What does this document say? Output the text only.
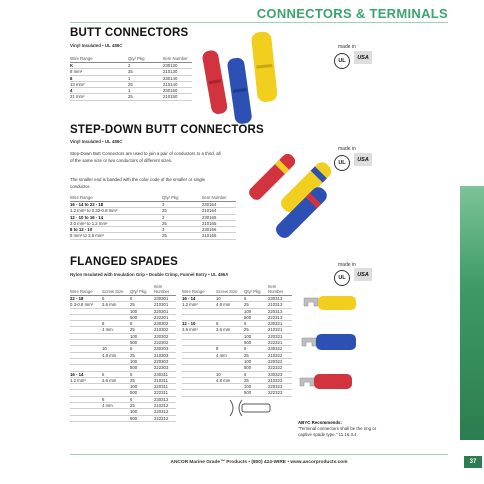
CONNECTORS & TERMINALS
BUTT CONNECTORS
Vinyl Insulated • UL 486C
Wire Range	Qty/ Pkg	Item Number
K	2	230130
8 mm²	25	210130
6	1	230140
13 mm²	25	210140
4	1	230150
21 mm²	25	210150
made in
UL
USA
STEP-DOWN BUTT CONNECTORS
Vinyl Insulated • UL 486C
Step-Down Butt Connectors are used to join a pair of conductors to a third, all of the same size or two conductors of different sizes.
The smaller end is banded with the color code of the smaller or single conductor.
Wire Range	Qty/ Pkg	Item Number
16 - 14 to 22 - 18	3	230164
1.2 mm² to 0.32-0.8 mm²	25	210164
12 - 10 to 16 - 14	3	230165
3.0 mm² to 1.2 mm²	25	210165
8 to 12 - 10	3	230166
8 mm² to 3.5 mm²	25	210166
made in
UL
USA
FLANGED SPADES
Nylon Insulated with Insulation Grip • Double Crimp, Funnel Entry • UL 486A
made in
UL
USA
Wire Range	Screw Size	Qty/ Pkg	Item Number
22 - 18	6	6	230301
0.3-0.8 mm²	3.6 mm	25	210301
		100	220301
		500	222301
	8	6	230302
	4 mm	25	210302
		100	220302
		500	222302
	10	6	230303
	4.8 mm	25	210303
		100	220303
		500	222303
16 - 14	6	6	230311
1.2 mm²	3.6 mm	25	210311
		100	220311
		500	222311
	8	6	230312
	4 mm	25	210312
		100	220312
		500	222312
Wire Range	Screw Size	Qty/ Pkg	Item Number
16 - 14	10	6	230313
1.2 mm²	4.8 mm	25	210313
		100	220313
		500	222313
12 - 10	6	6	230321
3.5 mm²	3.6 mm	25	210321
		100	220321
		500	222321
	8	6	230322
	4 mm	25	210322
		100	220322
		500	222322
	10	6	230323
	4.8 mm	25	210323
		100	220323
		500	222323
ABYC Recommends:
"Terminal connectors shall be the ring or captive spade type." 11.16.3.4.
ANCOR Marine Grade™ Products • (800) 424-WIRE • www.ancorproducts.com	37
